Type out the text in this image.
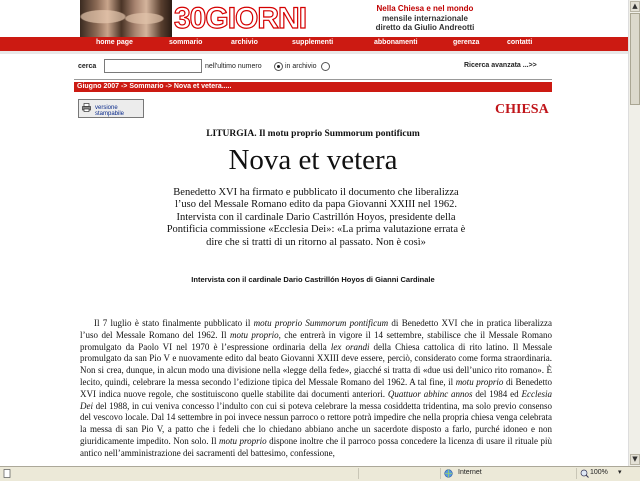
30GIORNI	Nella Chiesa e nel mondo
mensile internazionale
diretto da Giulio Andreotti
home page	sommario	archivio	supplementi	abbonamenti	gerenza	contatti
cerca	nell'ultimo numero	in archivio	Ricerca avanzata ...>>
Giugno 2007 -> Sommario -> Nova et vetera.....
versione stampabile	CHIESA
LITURGIA. Il motu proprio Summorum pontificum
Nova et vetera
Benedetto XVI ha firmato e pubblicato il documento che liberalizza l’uso del Messale Romano edito da papa Giovanni XXIII nel 1962. Intervista con il cardinale Dario Castrillón Hoyos, presidente della Pontificia commissione «Ecclesia Dei»: «La prima valutazione errata è dire che si tratti di un ritorno al passato. Non è così»
Intervista con il cardinale Dario Castrillón Hoyos di Gianni Cardinale

Il 7 luglio è stato finalmente pubblicato il motu proprio Summorum pontificum di Benedetto XVI che in pratica liberalizza l’uso del Messale Romano del 1962. Il motu proprio, che entrerà in vigore il 14 settembre, stabilisce che il Messale Romano promulgato da Paolo VI nel 1970 è l’espressione ordinaria della lex orandi della Chiesa cattolica di rito latino. Il Messale promulgato da san Pio V e nuovamente edito dal beato Giovanni XXIII deve essere, perciò, considerato come forma straordinaria. Non si crea, dunque, in alcun modo una divisione nella «legge della fede», giacché si tratta di «due usi dell’unico rito romano». È lecito, quindi, celebrare la messa secondo l’edizione tipica del Messale Romano del 1962. A tal fine, il motu proprio di Benedetto XVI indica nuove regole, che sostituiscono quelle stabilite dai documenti anteriori. Quattuor abhinc annos del 1984 ed Ecclesia Dei del 1988, in cui veniva concesso l’indulto con cui si poteva celebrare la messa cosiddetta tridentina, ma solo previo consenso del vescovo locale. Dal 14 settembre in poi invece nessun parroco o rettore potrà impedire che nella propria chiesa venga celebrata la messa di san Pio V, a patto che i fedeli che lo chiedano abbiano anche un sacerdote disposto a farlo, purché idoneo e non giuridicamente impedito. Non solo. Il motu proprio dispone inoltre che il parroco possa concedere la licenza di usare il rituale più antico nell’amministrazione dei sacramenti del battesimo, confessione,

▲
▼
Internet	100% ▾
